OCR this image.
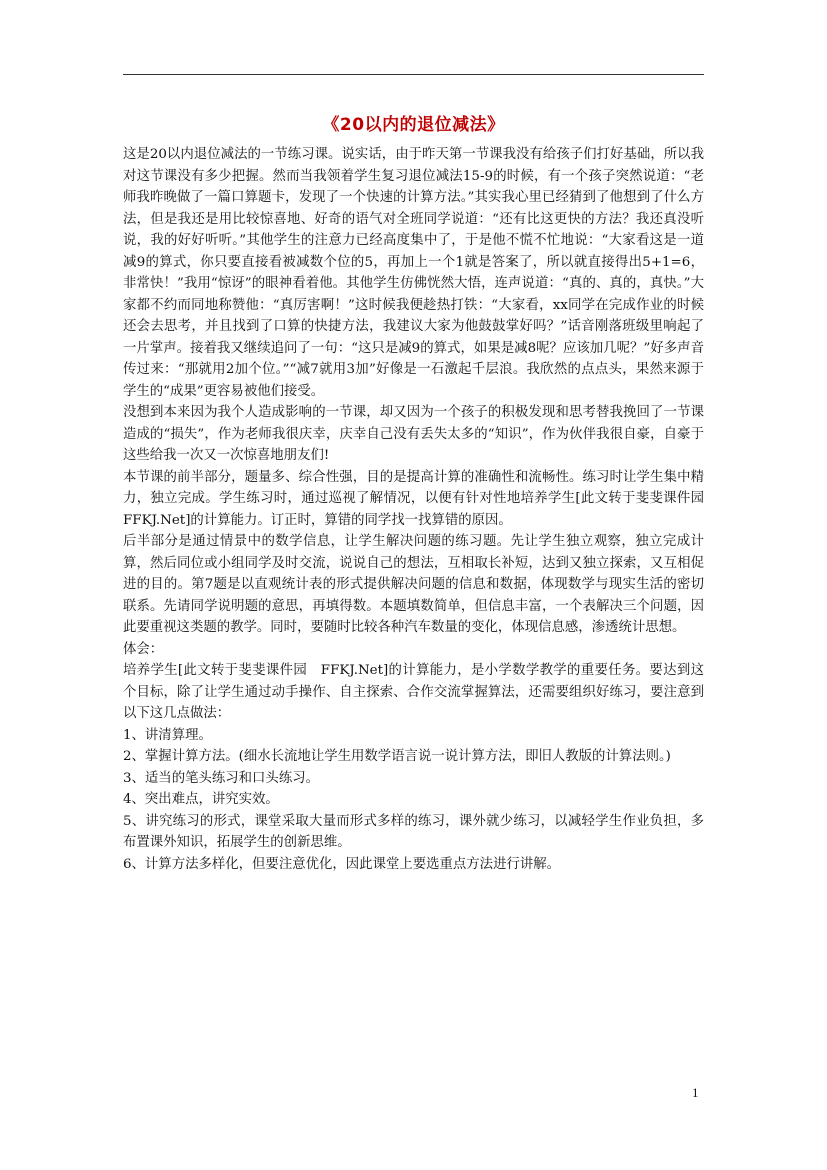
《20以内的退位减法》

这是20以内退位减法的一节练习课。说实话，由于昨天第一节课我没有给孩子们打好基础，所以我对这节课没有多少把握。然而当我领着学生复习退位减法15-9的时候，有一个孩子突然说道：“老师我昨晚做了一篇口算题卡，发现了一个快速的计算方法。”其实我心里已经猜到了他想到了什么方法，但是我还是用比较惊喜地、好奇的语气对全班同学说道：“还有比这更快的方法？我还真没听说，我的好好听听。”其他学生的注意力已经高度集中了，于是他不慌不忙地说：“大家看这是一道减9的算式，你只要直接看被减数个位的5，再加上一个1就是答案了，所以就直接得出5+1=6，非常快！”我用“惊讶”的眼神看着他。其他学生仿佛恍然大悟，连声说道：“真的、真的，真快。”大家都不约而同地称赞他：“真厉害啊！”这时候我便趁热打铁：“大家看，xx同学在完成作业的时候还会去思考，并且找到了口算的快捷方法，我建议大家为他鼓鼓掌好吗？”话音刚落班级里响起了一片掌声。接着我又继续追问了一句：“这只是减9的算式，如果是减8呢？应该加几呢？”好多声音传过来：“那就用2加个位。”“减7就用3加”好像是一石激起千层浪。我欣然的点点头，果然来源于学生的“成果”更容易被他们接受。

没想到本来因为我个人造成影响的一节课，却又因为一个孩子的积极发现和思考替我挽回了一节课造成的“损失”，作为老师我很庆幸，庆幸自己没有丢失太多的“知识”，作为伙伴我很自豪，自豪于这些给我一次又一次惊喜地朋友们!

本节课的前半部分，题量多、综合性强，目的是提高计算的准确性和流畅性。练习时让学生集中精力，独立完成。学生练习时，通过巡视了解情况，以便有针对性地培养学生[此文转于斐斐课件园　FFKJ.Net]的计算能力。订正时，算错的同学找一找算错的原因。

后半部分是通过情景中的数学信息，让学生解决问题的练习题。先让学生独立观察，独立完成计算，然后同位或小组同学及时交流，说说自己的想法，互相取长补短，达到又独立探索，又互相促进的目的。第7题是以直观统计表的形式提供解决问题的信息和数据，体现数学与现实生活的密切联系。先请同学说明题的意思，再填得数。本题填数简单，但信息丰富，一个表解决三个问题，因此要重视这类题的教学。同时，要随时比较各种汽车数量的变化，体现信息感，渗透统计思想。

体会：

培养学生[此文转于斐斐课件园　FFKJ.Net]的计算能力，是小学数学教学的重要任务。要达到这个目标，除了让学生通过动手操作、自主探索、合作交流掌握算法，还需要组织好练习，要注意到以下这几点做法：

1、讲清算理。

2、掌握计算方法。(细水长流地让学生用数学语言说一说计算方法，即旧人教版的计算法则。)

3、适当的笔头练习和口头练习。

4、突出难点，讲究实效。

5、讲究练习的形式，课堂采取大量而形式多样的练习，课外就少练习，以减轻学生作业负担，多布置课外知识，拓展学生的创新思维。

6、计算方法多样化，但要注意优化，因此课堂上要选重点方法进行讲解。

1
